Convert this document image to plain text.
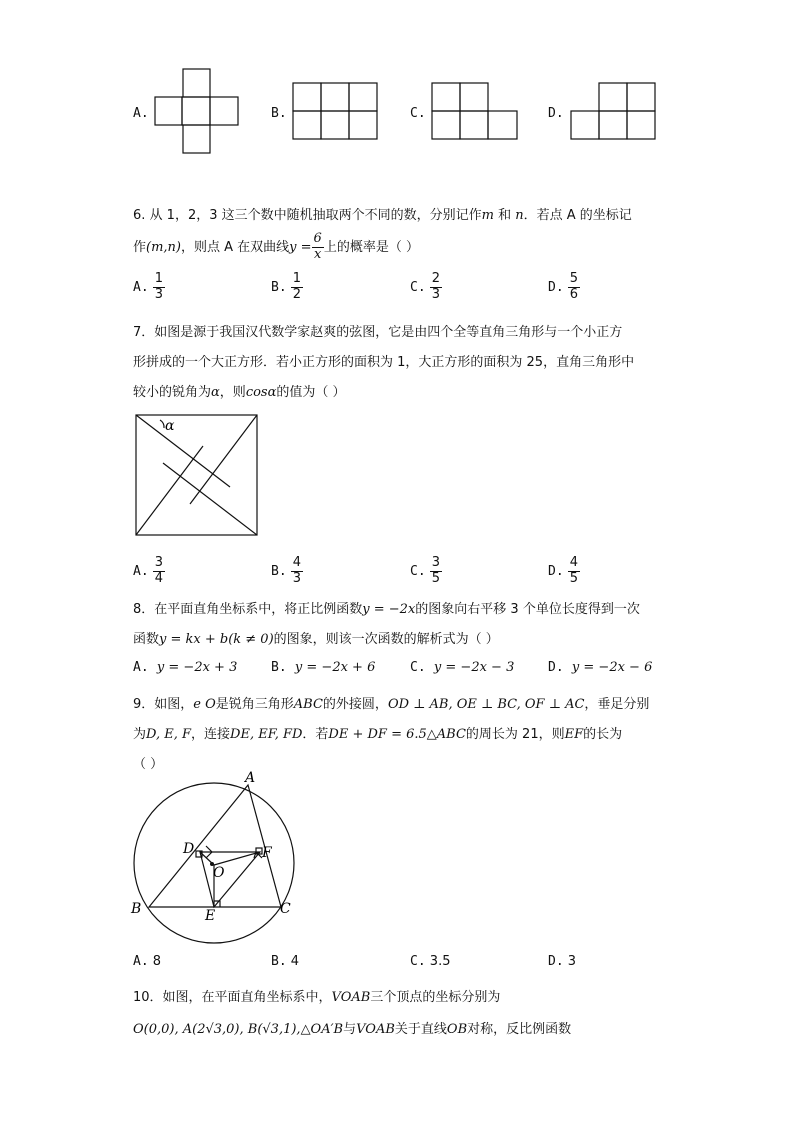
A.	B.	C.	D.
6. 从 1，2，3 这三个数中随机抽取两个不同的数，分别记作m 和 n．若点 A 的坐标记
作(m,n)，则点 A 在双曲线$y = \frac{6}{x}$ 上的概率是（ ）
A. $\frac{1}{3}$	B. $\frac{1}{2}$	C. $\frac{2}{3}$	D. $\frac{5}{6}$
7．如图是源于我国汉代数学家赵爽的弦图，它是由四个全等直角三角形与一个小正方
形拼成的一个大正方形．若小正方形的面积为 1，大正方形的面积为 25，直角三角形中
较小的锐角为α，则cosα的值为（ ）
α
A. $\frac{3}{4}$	B. $\frac{4}{3}$	C. $\frac{3}{5}$	D. $\frac{4}{5}$
8．在平面直角坐标系中，将正比例函数y = −2x的图象向右平移 3 个单位长度得到一次
函数y = kx + b(k ≠ 0)的图象，则该一次函数的解析式为（ ）
A. y = −2x + 3	B. y = −2x + 6	C. y = −2x − 3	D. y = −2x − 6
9．如图，e O是锐角三角形ABC的外接圆，OD ⊥ AB, OE ⊥ BC, OF ⊥ AC，垂足分别
为D, E, F，连接DE, EF, FD．若DE + DF = 6.5△ABC的周长为 21，则EF的长为
（ ）
A
B	C
D
E
F
O
A. 8	B. 4	C. 3.5	D. 3
10．如图，在平面直角坐标系中，VOAB三个顶点的坐标分别为
O(0,0), A(2√3,0), B(√3,1),△OA′B与VOAB关于直线OB对称，反比例函数
